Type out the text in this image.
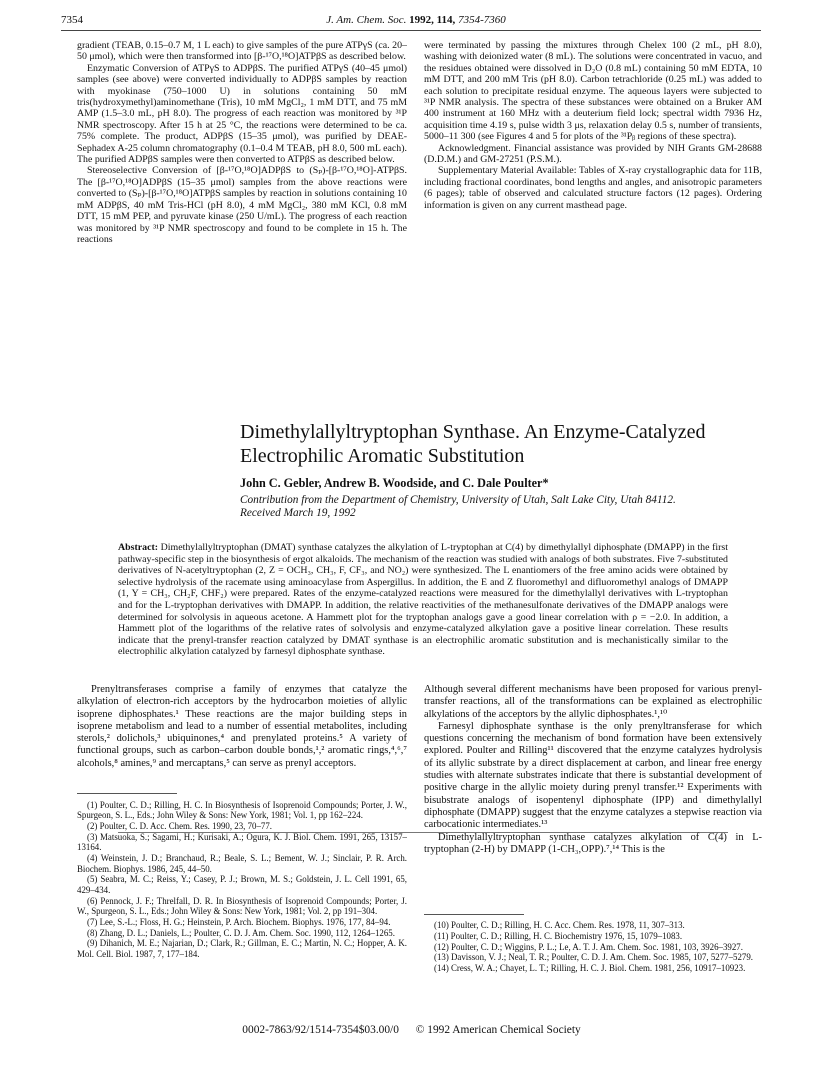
7354	J. Am. Chem. Soc. 1992, 114, 7354-7360

gradient (TEAB, 0.15–0.7 M, 1 L each) to give samples of the pure ATPγS (ca. 20–50 μmol), which were then transformed into [β-¹⁷O,¹⁸O]ATPβS as described below.

Enzymatic Conversion of ATPγS to ADPβS. The purified ATPγS (40–45 μmol) samples (see above) were converted individually to ADPβS samples by reaction with myokinase (750–1000 U) in solutions containing 50 mM tris(hydroxymethyl)aminomethane (Tris), 10 mM MgCl₂, 1 mM DTT, and 75 mM AMP (1.5–3.0 mL, pH 8.0). The progress of each reaction was monitored by ³¹P NMR spectroscopy. After 15 h at 25 °C, the reactions were determined to be ca. 75% complete. The product, ADPβS (15–35 μmol), was purified by DEAE-Sephadex A-25 column chromatography (0.1–0.4 M TEAB, pH 8.0, 500 mL each). The purified ADPβS samples were then converted to ATPβS as described below.

Stereoselective Conversion of [β-¹⁷O,¹⁸O]ADPβS to (Sₚ)-[β-¹⁷O,¹⁸O]-ATPβS. The [β-¹⁷O,¹⁸O]ADPβS (15–35 μmol) samples from the above reactions were converted to (Sₚ)-[β-¹⁷O,¹⁸O]ATPβS samples by reaction in solutions containing 10 mM ADPβS, 40 mM Tris-HCl (pH 8.0), 4 mM MgCl₂, 380 mM KCl, 0.8 mM DTT, 15 mM PEP, and pyruvate kinase (250 U/mL). The progress of each reaction was monitored by ³¹P NMR spectroscopy and found to be complete in 15 h. The reactions

were terminated by passing the mixtures through Chelex 100 (2 mL, pH 8.0), washing with deionized water (8 mL). The solutions were concentrated in vacuo, and the residues obtained were dissolved in D₂O (0.8 mL) containing 50 mM EDTA, 10 mM DTT, and 200 mM Tris (pH 8.0). Carbon tetrachloride (0.25 mL) was added to each solution to precipitate residual enzyme. The aqueous layers were subjected to ³¹P NMR analysis. The spectra of these substances were obtained on a Bruker AM 400 instrument at 160 MHz with a deuterium field lock; spectral width 7936 Hz, acquisition time 4.19 s, pulse width 3 μs, relaxation delay 0.5 s, number of transients, 5000–11 300 (see Figures 4 and 5 for plots of the ³¹Pᵦ regions of these spectra).

Acknowledgment. Financial assistance was provided by NIH Grants GM-28688 (D.D.M.) and GM-27251 (P.S.M.).

Supplementary Material Available: Tables of X-ray crystallographic data for 11B, including fractional coordinates, bond lengths and angles, and anisotropic parameters (6 pages); table of observed and calculated structure factors (12 pages). Ordering information is given on any current masthead page.

Dimethylallyltryptophan Synthase. An Enzyme-Catalyzed Electrophilic Aromatic Substitution
John C. Gebler, Andrew B. Woodside, and C. Dale Poulter*
Contribution from the Department of Chemistry, University of Utah, Salt Lake City, Utah 84112.
Received March 19, 1992
Abstract: Dimethylallyltryptophan (DMAT) synthase catalyzes the alkylation of L-tryptophan at C(4) by dimethylallyl diphosphate (DMAPP) in the first pathway-specific step in the biosynthesis of ergot alkaloids. The mechanism of the reaction was studied with analogs of both substrates. Five 7-substituted derivatives of N-acetyltryptophan (2, Z = OCH₃, CH₃, F, CF₃, and NO₂) were synthesized. The L enantiomers of the free amino acids were obtained by selective hydrolysis of the racemate using aminoacylase from Aspergillus. In addition, the E and Z fluoromethyl and difluoromethyl analogs of DMAPP (1, Y = CH₃, CH₂F, CHF₂) were prepared. Rates of the enzyme-catalyzed reactions were measured for the dimethylallyl derivatives with L-tryptophan and for the L-tryptophan derivatives with DMAPP. In addition, the relative reactivities of the methanesulfonate derivatives of the DMAPP analogs were determined for solvolysis in aqueous acetone. A Hammett plot for the tryptophan analogs gave a good linear correlation with ρ = −2.0. In addition, a Hammett plot of the logarithms of the relative rates of solvolysis and enzyme-catalyzed alkylation gave a positive linear correlation. These results indicate that the prenyl-transfer reaction catalyzed by DMAT synthase is an electrophilic aromatic substitution and is mechanistically similar to the electrophilic alkylation catalyzed by farnesyl diphosphate synthase.
Prenyltransferases comprise a family of enzymes that catalyze the alkylation of electron-rich acceptors by the hydrocarbon moieties of allylic isoprene diphosphates.¹ These reactions are the major building steps in isoprene metabolism and lead to a number of essential metabolites, including sterols,² dolichols,³ ubiquinones,⁴ and prenylated proteins.⁵ A variety of functional groups, such as carbon–carbon double bonds,¹,² aromatic rings,⁴,⁶,⁷ alcohols,⁸ amines,⁹ and mercaptans,⁵ can serve as prenyl acceptors.

Although several different mechanisms have been proposed for various prenyl-transfer reactions, all of the transformations can be explained as electrophilic alkylations of the acceptors by the allylic diphosphates.¹,¹⁰

Farnesyl diphosphate synthase is the only prenyltransferase for which questions concerning the mechanism of bond formation have been extensively explored. Poulter and Rilling¹¹ discovered that the enzyme catalyzes hydrolysis of its allylic substrate by a direct displacement at carbon, and linear free energy studies with alternate substrates indicate that there is substantial development of positive charge in the allylic moiety during prenyl transfer.¹² Experiments with bisubstrate analogs of isopentenyl diphosphate (IPP) and dimethylallyl diphosphate (DMAPP) suggest that the enzyme catalyzes a stepwise reaction via carbocationic intermediates.¹³

Dimethylallyltryptophan synthase catalyzes alkylation of C(4) in L-tryptophan (2-H) by DMAPP (1-CH₃,OPP).⁷,¹⁴ This is the

(1) Poulter, C. D.; Rilling, H. C. In Biosynthesis of Isoprenoid Compounds; Porter, J. W., Spurgeon, S. L., Eds.; John Wiley & Sons: New York, 1981; Vol. 1, pp 162–224.

(2) Poulter, C. D. Acc. Chem. Res. 1990, 23, 70–77.

(3) Matsuoka, S.; Sagami, H.; Kurisaki, A.; Ogura, K. J. Biol. Chem. 1991, 265, 13157–13164.

(4) Weinstein, J. D.; Branchaud, R.; Beale, S. L.; Bement, W. J.; Sinclair, P. R. Arch. Biochem. Biophys. 1986, 245, 44–50.

(5) Seabra, M. C.; Reiss, Y.; Casey, P. J.; Brown, M. S.; Goldstein, J. L. Cell 1991, 65, 429–434.

(6) Pennock, J. F.; Threlfall, D. R. In Biosynthesis of Isoprenoid Compounds; Porter, J. W., Spurgeon, S. L., Eds.; John Wiley & Sons: New York, 1981; Vol. 2, pp 191–304.

(7) Lee, S.-L.; Floss, H. G.; Heinstein, P. Arch. Biochem. Biophys. 1976, 177, 84–94.

(8) Zhang, D. L.; Daniels, L.; Poulter, C. D. J. Am. Chem. Soc. 1990, 112, 1264–1265.

(9) Dihanich, M. E.; Najarian, D.; Clark, R.; Gillman, E. C.; Martin, N. C.; Hopper, A. K. Mol. Cell. Biol. 1987, 7, 177–184.

(10) Poulter, C. D.; Rilling, H. C. Acc. Chem. Res. 1978, 11, 307–313.

(11) Poulter, C. D.; Rilling, H. C. Biochemistry 1976, 15, 1079–1083.

(12) Poulter, C. D.; Wiggins, P. L.; Le, A. T. J. Am. Chem. Soc. 1981, 103, 3926–3927.

(13) Davisson, V. J.; Neal, T. R.; Poulter, C. D. J. Am. Chem. Soc. 1985, 107, 5277–5279.

(14) Cress, W. A.; Chayet, L. T.; Rilling, H. C. J. Biol. Chem. 1981, 256, 10917–10923.

0002-7863/92/1514-7354$03.00/0 © 1992 American Chemical Society
